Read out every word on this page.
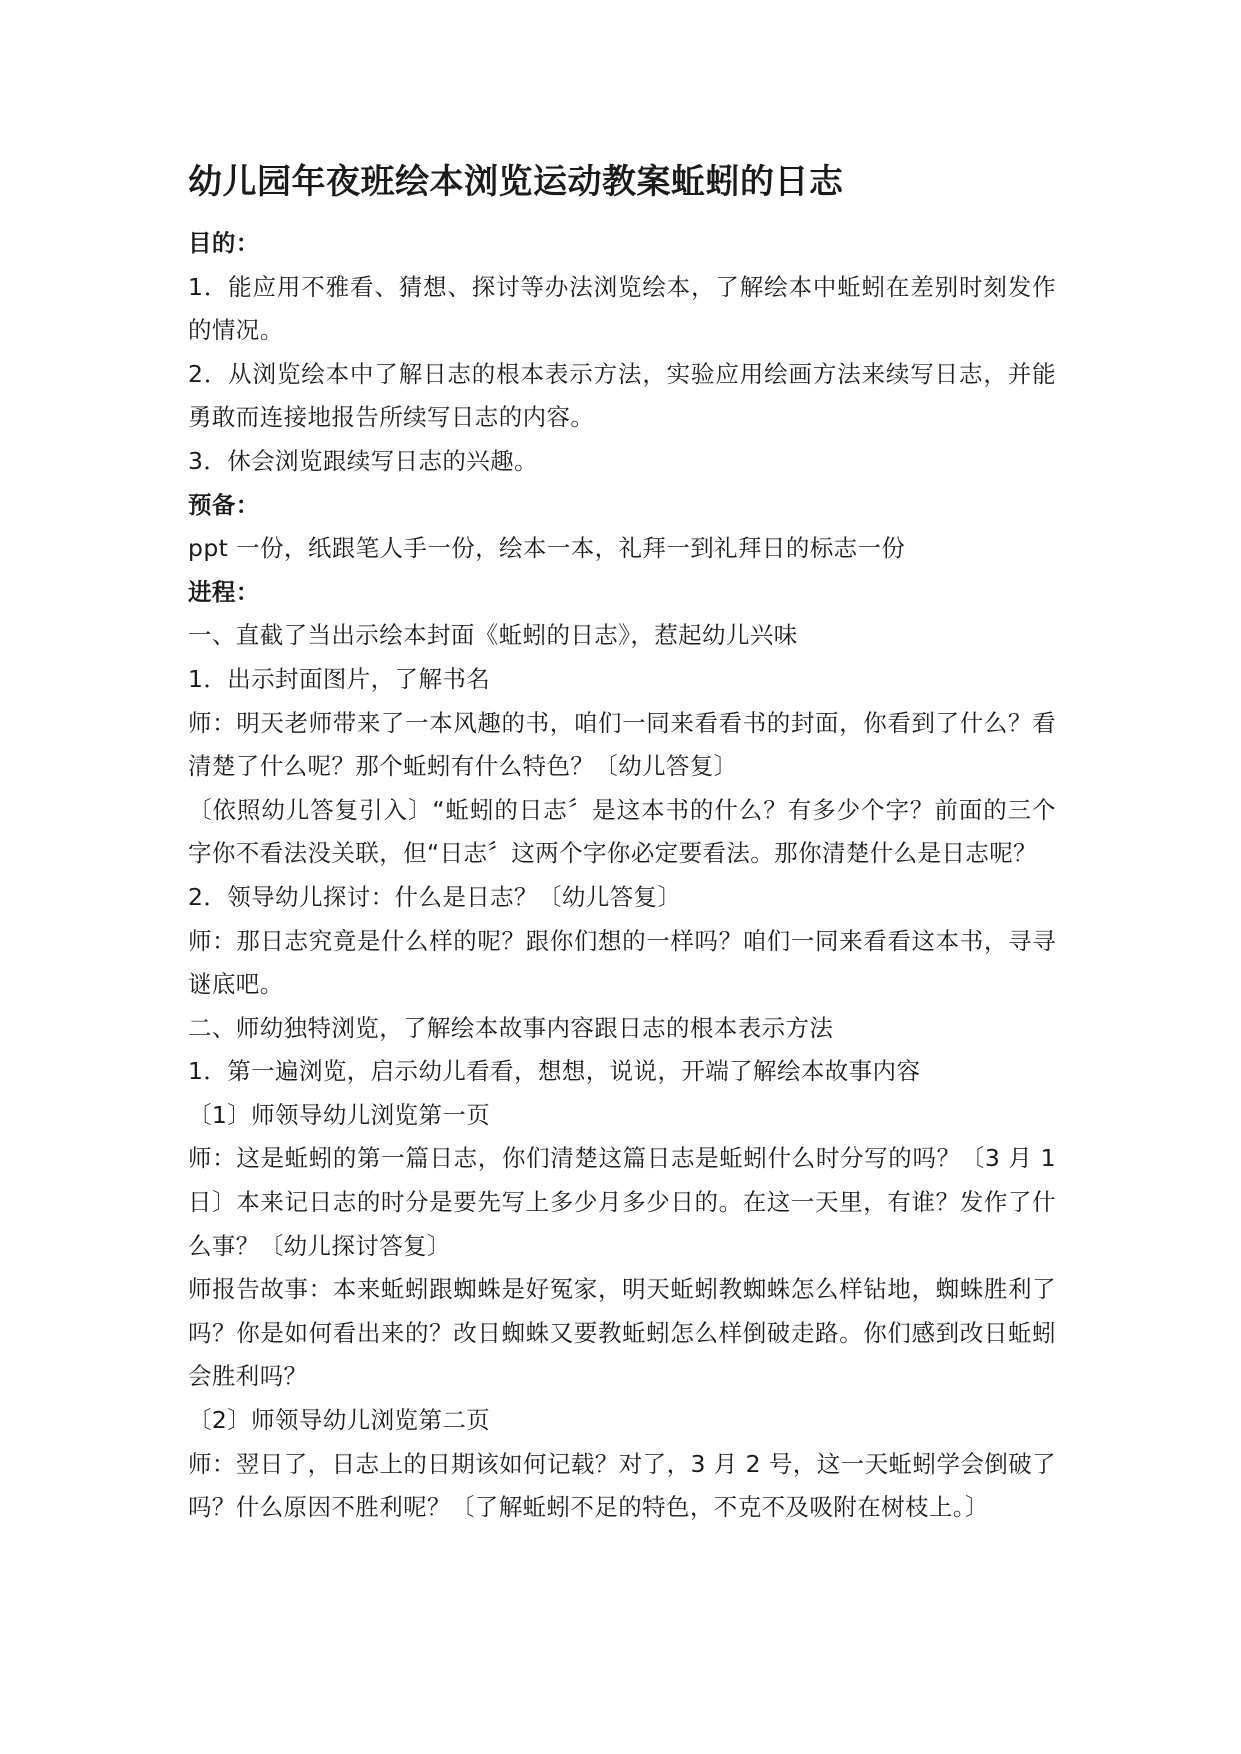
幼儿园年夜班绘本浏览运动教案蚯蚓的日志

目的：

1．能应用不雅看、猜想、探讨等办法浏览绘本，了解绘本中蚯蚓在差别时刻发作的情况。

2．从浏览绘本中了解日志的根本表示方法，实验应用绘画方法来续写日志，并能勇敢而连接地报告所续写日志的内容。

3．休会浏览跟续写日志的兴趣。

预备：

ppt 一份，纸跟笔人手一份，绘本一本，礼拜一到礼拜日的标志一份

进程：

一、直截了当出示绘本封面《蚯蚓的日志》，惹起幼儿兴味

1．出示封面图片，了解书名

师：明天老师带来了一本风趣的书，咱们一同来看看书的封面，你看到了什么？看清楚了什么呢？那个蚯蚓有什么特色？〔幼儿答复〕

〔依照幼儿答复引入〕“蚯蚓的日志〞是这本书的什么？有多少个字？前面的三个字你不看法没关联，但“日志〞这两个字你必定要看法。那你清楚什么是日志呢？

2．领导幼儿探讨：什么是日志？〔幼儿答复〕

师：那日志究竟是什么样的呢？跟你们想的一样吗？咱们一同来看看这本书，寻寻谜底吧。

二、师幼独特浏览，了解绘本故事内容跟日志的根本表示方法

1．第一遍浏览，启示幼儿看看，想想，说说，开端了解绘本故事内容

〔1〕师领导幼儿浏览第一页

师：这是蚯蚓的第一篇日志，你们清楚这篇日志是蚯蚓什么时分写的吗？〔3 月 1 日〕本来记日志的时分是要先写上多少月多少日的。在这一天里，有谁？发作了什么事？〔幼儿探讨答复〕

师报告故事：本来蚯蚓跟蜘蛛是好冤家，明天蚯蚓教蜘蛛怎么样钻地，蜘蛛胜利了吗？你是如何看出来的？改日蜘蛛又要教蚯蚓怎么样倒破走路。你们感到改日蚯蚓会胜利吗？

〔2〕师领导幼儿浏览第二页

师：翌日了，日志上的日期该如何记载？对了，3 月 2 号，这一天蚯蚓学会倒破了吗？什么原因不胜利呢？〔了解蚯蚓不足的特色，不克不及吸附在树枝上。〕
